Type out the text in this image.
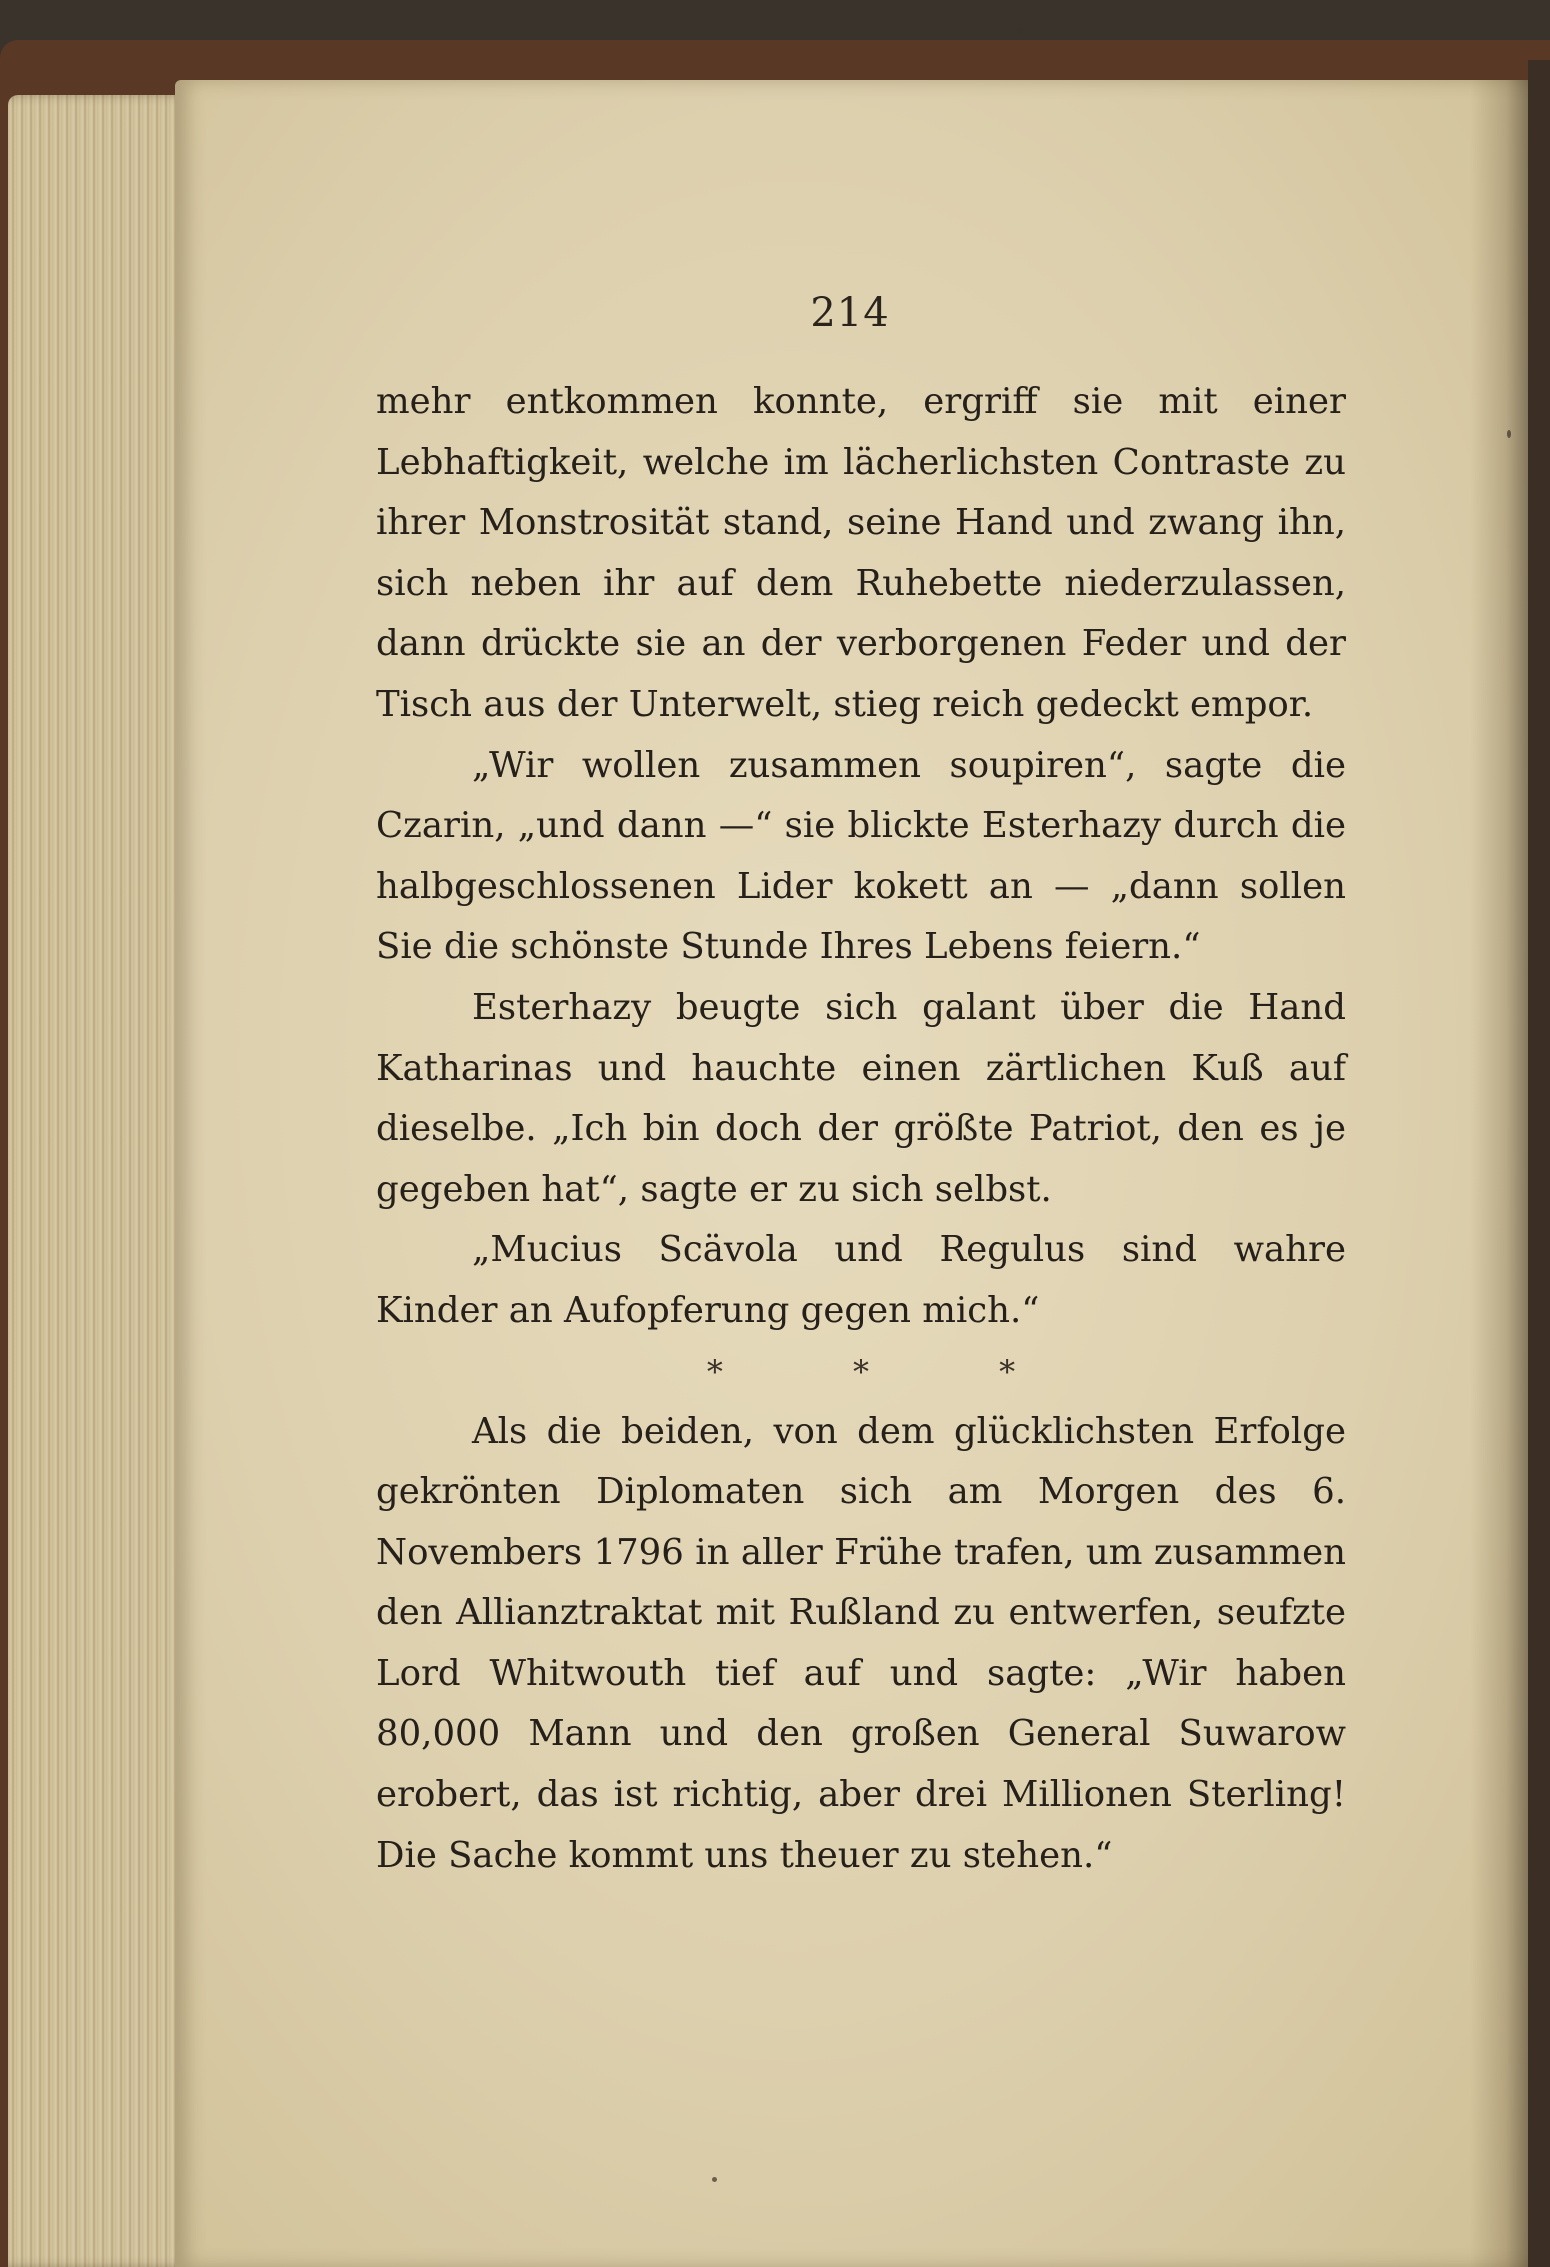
214

mehr entkommen konnte, ergriff sie mit einer Lebhaftigkeit, welche im lächerlichsten Contraste zu ihrer Monstrosität stand, seine Hand und zwang ihn, sich neben ihr auf dem Ruhebette niederzulassen, dann drückte sie an der verborgenen Feder und der Tisch aus der Unterwelt, stieg reich gedeckt empor.

„Wir wollen zusammen soupiren“, sagte die Czarin, „und dann —“ sie blickte Esterhazy durch die halbgeschlossenen Lider kokett an — „dann sollen Sie die schönste Stunde Ihres Lebens feiern.“

Esterhazy beugte sich galant über die Hand Katharinas und hauchte einen zärtlichen Kuß auf dieselbe. „Ich bin doch der größte Patriot, den es je gegeben hat“, sagte er zu sich selbst.

„Mucius Scävola und Regulus sind wahre Kinder an Aufopferung gegen mich.“

* * *

Als die beiden, von dem glücklichsten Erfolge gekrönten Diplomaten sich am Morgen des 6. Novembers 1796 in aller Frühe trafen, um zusammen den Allianztraktat mit Rußland zu entwerfen, seufzte Lord Whitwouth tief auf und sagte: „Wir haben 80,000 Mann und den großen General Suwarow erobert, das ist richtig, aber drei Millionen Sterling! Die Sache kommt uns theuer zu stehen.“
